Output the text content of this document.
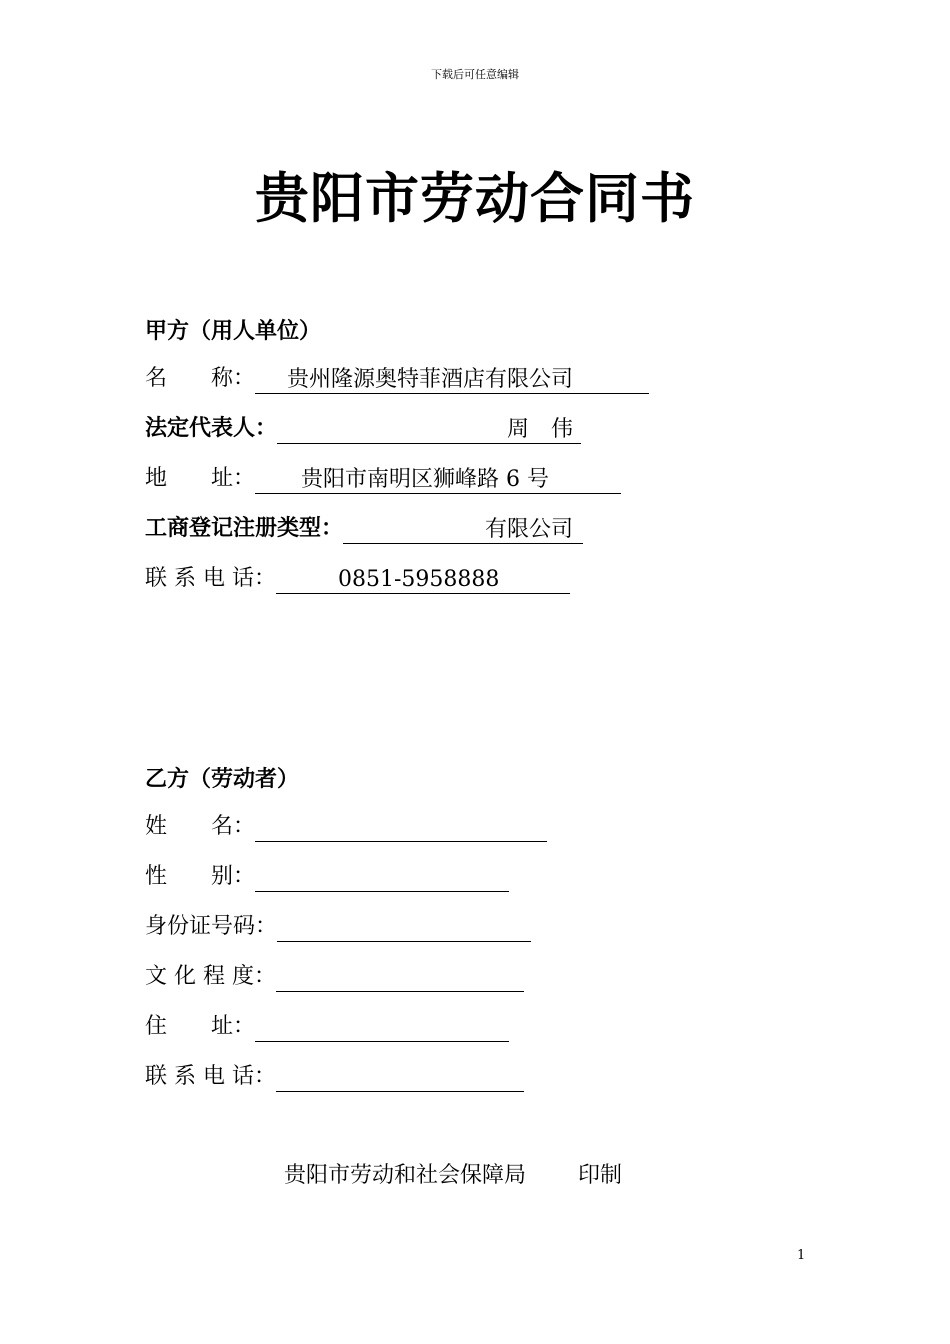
下载后可任意编辑
贵阳市劳动合同书
甲方（用人单位）
名　　称： 贵州隆源奥特菲酒店有限公司
法定代表人：	周　伟
地　　址： 贵阳市南明区狮峰路 6 号
工商登记注册类型：	有限公司
联 系 电 话：	0851-5958888
乙方（劳动者）
姓　　名：
性　　别：
身份证号码：
文 化 程 度：
住　　址：
联 系 电 话：
贵阳市劳动和社会保障局 印制
1
